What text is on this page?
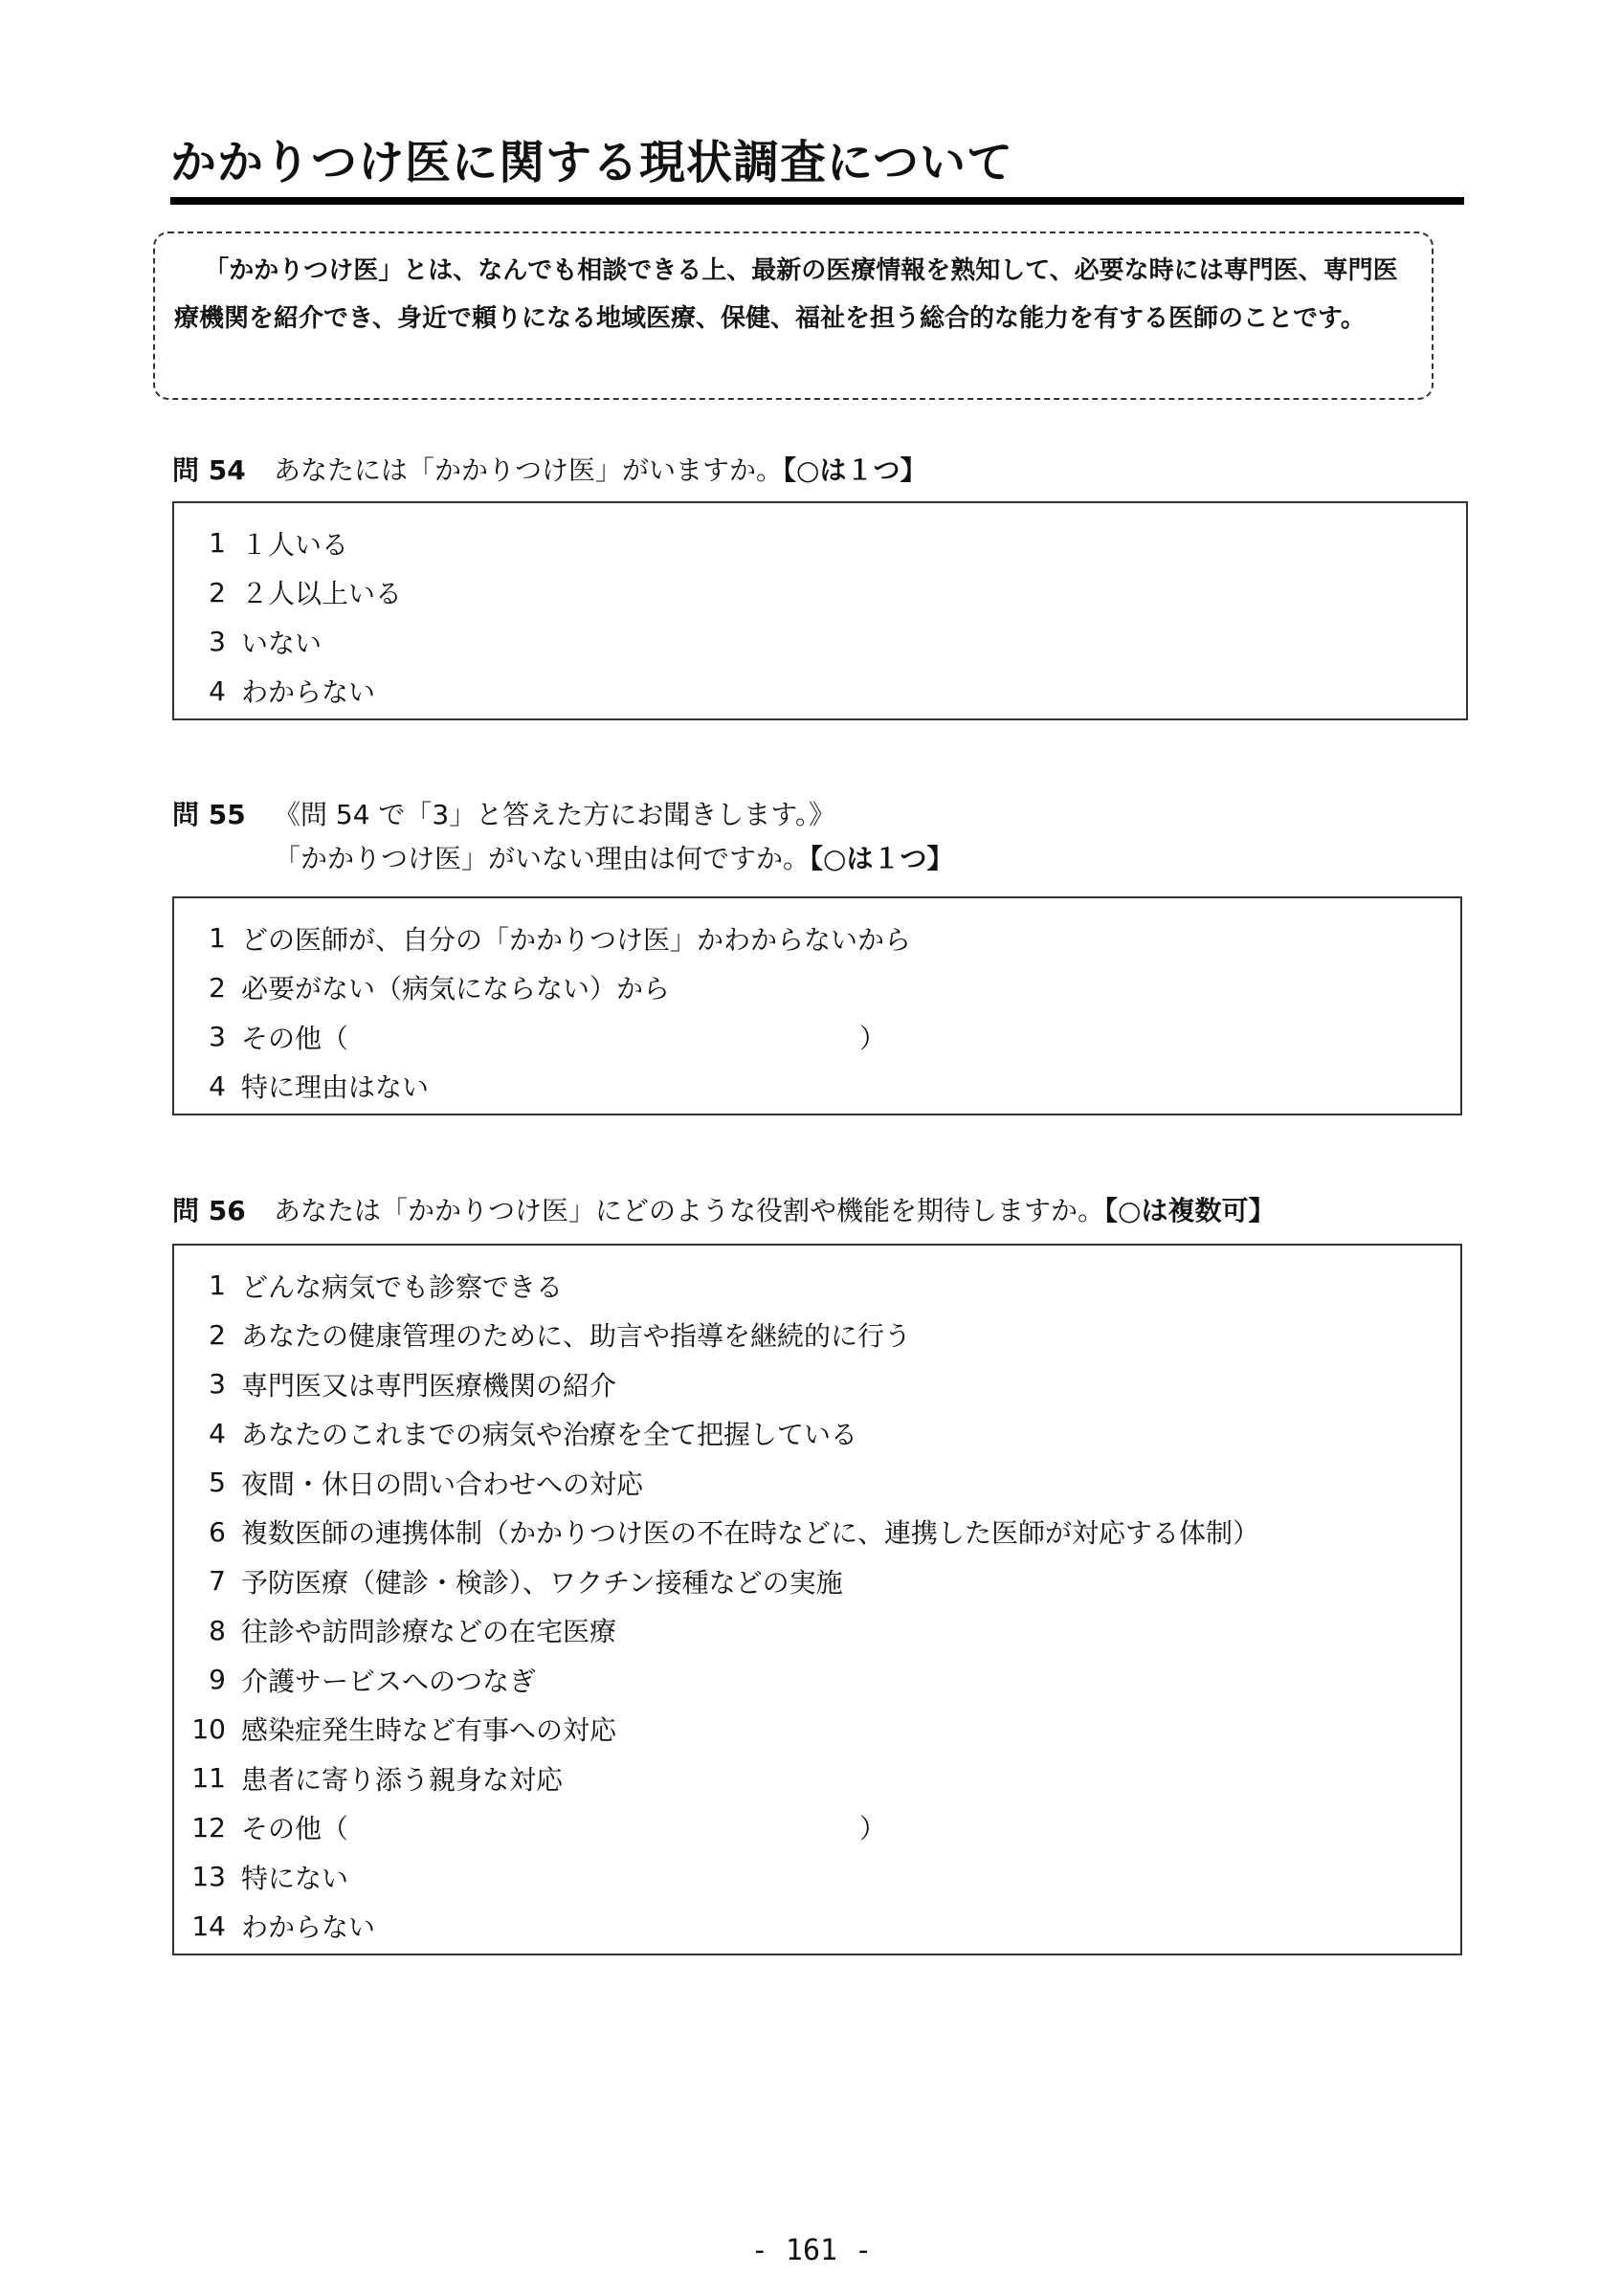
かかりつけ医に関する現状調査について

「かかりつけ医」とは、なんでも相談できる上、最新の医療情報を熟知して、必要な時には専門医、専門医療機関を紹介でき、身近で頼りになる地域医療、保健、福祉を担う総合的な能力を有する医師のことです。

問 54 あなたには「かかりつけ医」がいますか。【○は１つ】
1 １人いる
2 ２人以上いる
3 いない
4 わからない
問 55 《問 54 で「3」と答えた方にお聞きします。》
「かかりつけ医」がいない理由は何ですか。【○は１つ】
1 どの医師が、自分の「かかりつけ医」かわからないから
2 必要がない（病気にならない）から
3 その他（                                                            ）
4 特に理由はない
問 56 あなたは「かかりつけ医」にどのような役割や機能を期待しますか。【○は複数可】
1 どんな病気でも診察できる
2 あなたの健康管理のために、助言や指導を継続的に行う
3 専門医又は専門医療機関の紹介
4 あなたのこれまでの病気や治療を全て把握している
5 夜間・休日の問い合わせへの対応
6 複数医師の連携体制（かかりつけ医の不在時などに、連携した医師が対応する体制）
7 予防医療（健診・検診）、ワクチン接種などの実施
8 往診や訪問診療などの在宅医療
9 介護サービスへのつなぎ
10 感染症発生時など有事への対応
11 患者に寄り添う親身な対応
12 その他（                                                            ）
13 特にない
14 わからない
- 161 -
